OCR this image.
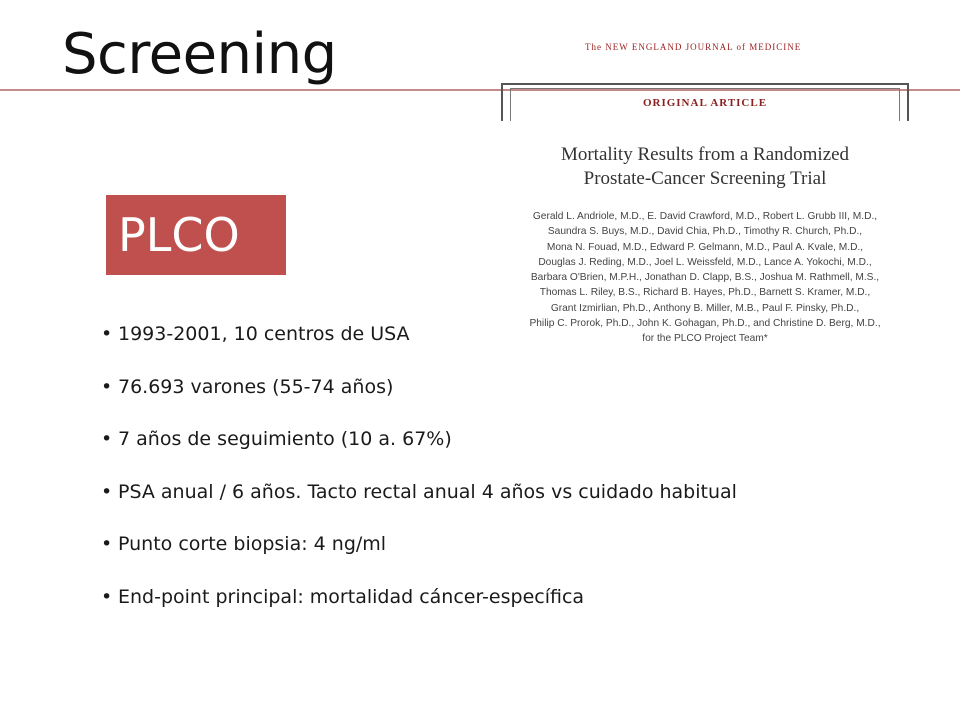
Screening	The NEW ENGLAND JOURNAL of MEDICINE
ORIGINAL ARTICLE
Mortality Results from a Randomized
Prostate-Cancer Screening Trial
Gerald L. Andriole, M.D., E. David Crawford, M.D., Robert L. Grubb III, M.D.,
Saundra S. Buys, M.D., David Chia, Ph.D., Timothy R. Church, Ph.D.,
Mona N. Fouad, M.D., Edward P. Gelmann, M.D., Paul A. Kvale, M.D.,
Douglas J. Reding, M.D., Joel L. Weissfeld, M.D., Lance A. Yokochi, M.D.,
Barbara O'Brien, M.P.H., Jonathan D. Clapp, B.S., Joshua M. Rathmell, M.S.,
Thomas L. Riley, B.S., Richard B. Hayes, Ph.D., Barnett S. Kramer, M.D.,
Grant Izmirlian, Ph.D., Anthony B. Miller, M.B., Paul F. Pinsky, Ph.D.,
Philip C. Prorok, Ph.D., John K. Gohagan, Ph.D., and Christine D. Berg, M.D.,
for the PLCO Project Team*
PLCO
• 1993-2001, 10 centros de USA
• 76.693 varones (55-74 años)
• 7 años de seguimiento (10 a. 67%)
• PSA anual / 6 años. Tacto rectal anual 4 años vs cuidado habitual
• Punto corte biopsia: 4 ng/ml
• End-point principal: mortalidad cáncer-específica
